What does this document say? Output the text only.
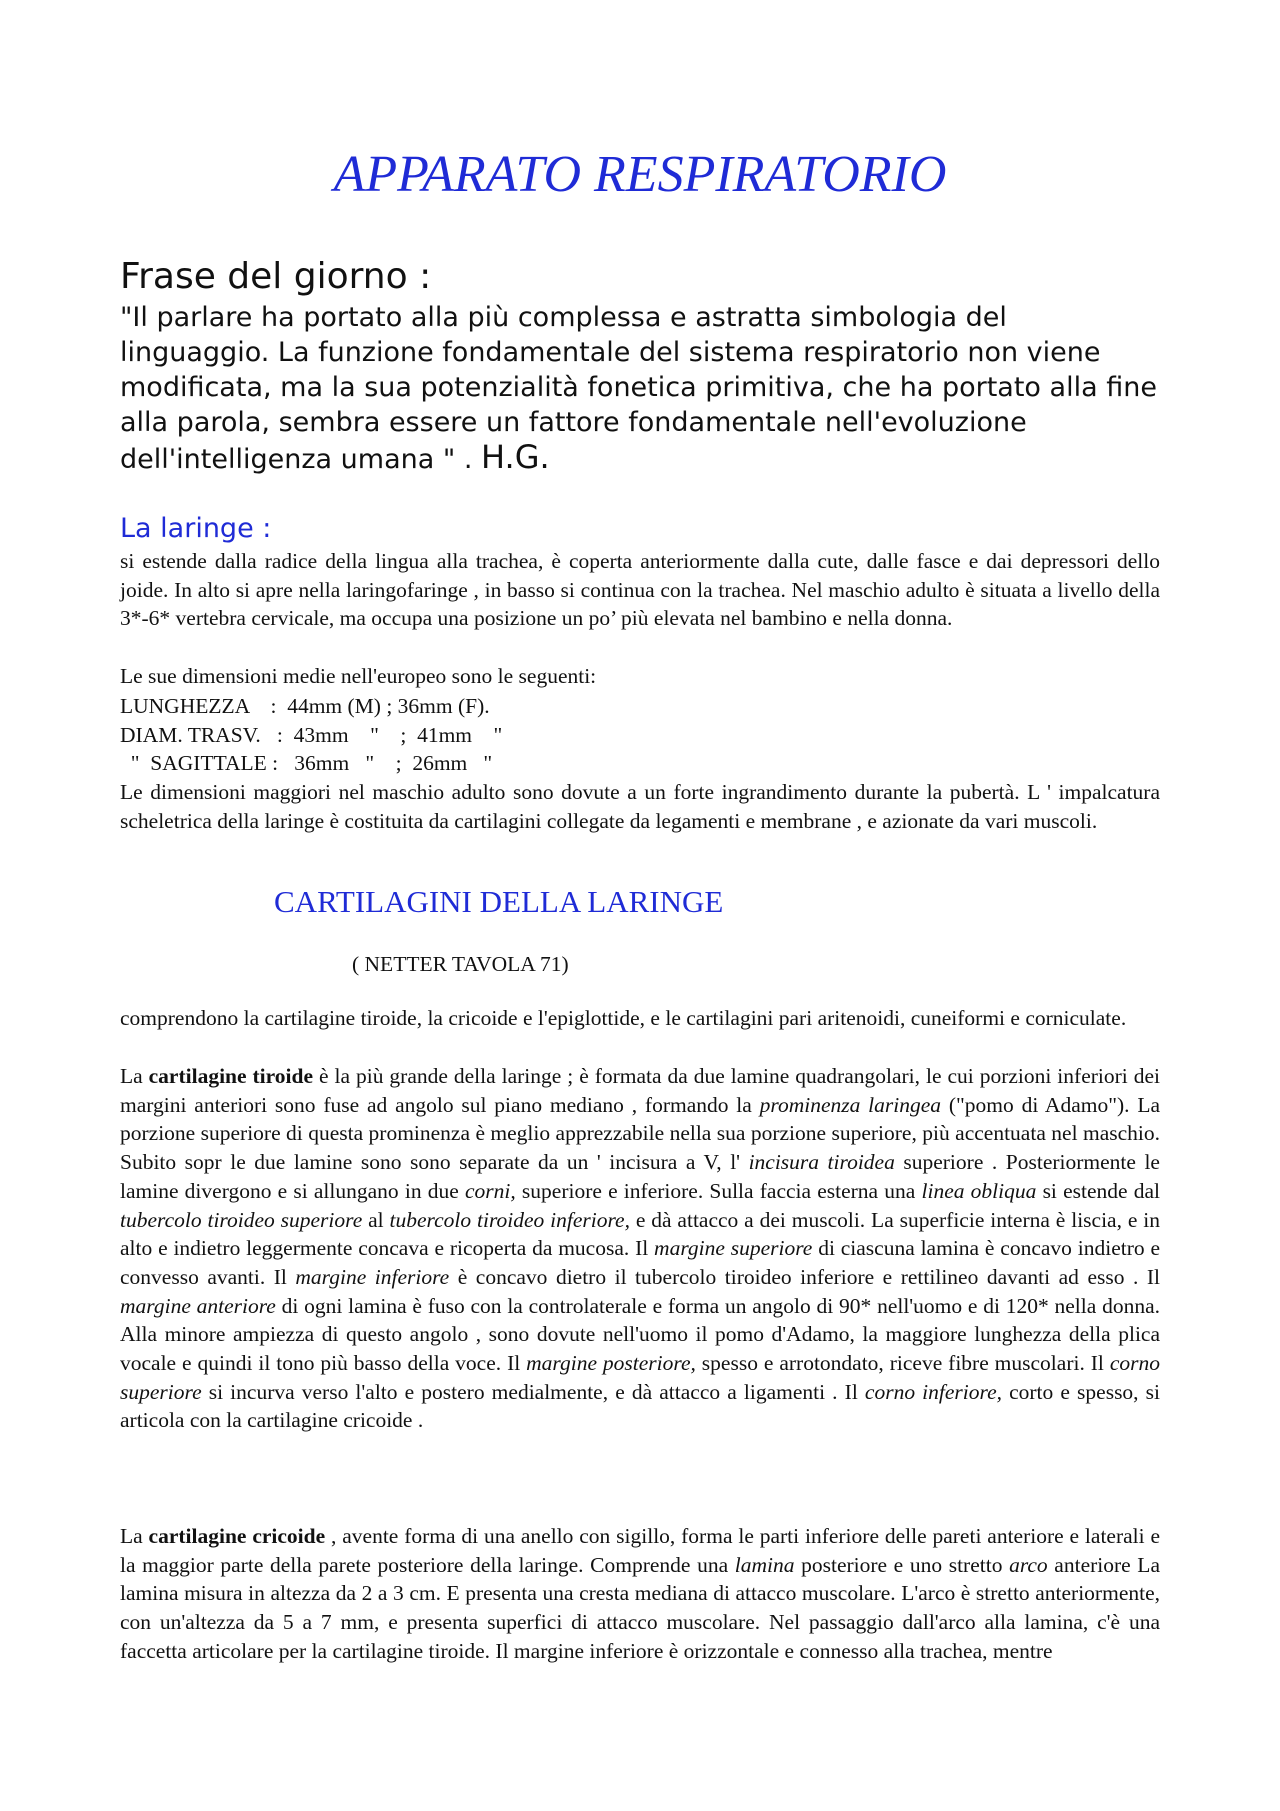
APPARATO RESPIRATORIO
Frase del giorno :

"Il parlare ha portato alla più complessa e astratta simbologia del linguaggio. La funzione fondamentale del sistema respiratorio non viene modificata, ma la sua potenzialità fonetica primitiva, che ha portato alla fine alla parola, sembra essere un fattore fondamentale nell'evoluzione dell'intelligenza umana " . H.G.

La laringe :

si estende dalla radice della lingua alla trachea, è coperta anteriormente dalla cute, dalle fasce e dai depressori dello joide. In alto si apre nella laringofaringe , in basso si continua con la trachea. Nel maschio adulto è situata a livello della 3*-6* vertebra cervicale, ma occupa una posizione un po’ più elevata nel bambino e nella donna.

Le sue dimensioni medie nell'europeo sono le seguenti:

LUNGHEZZA    :  44mm (M) ; 36mm (F).
DIAM. TRASV.   :  43mm    "    ;  41mm    "
"  SAGITTALE :   36mm   "    ;  26mm   "

Le dimensioni maggiori nel maschio adulto sono dovute a un forte ingrandimento durante la pubertà. L ' impalcatura scheletrica della laringe è costituita da cartilagini collegate da legamenti e membrane , e azionate da vari muscoli.

CARTILAGINI DELLA LARINGE

( NETTER TAVOLA 71)

comprendono la cartilagine tiroide, la cricoide e l'epiglottide, e le cartilagini pari aritenoidi, cuneiformi e corniculate.

La cartilagine tiroide è la più grande della laringe ; è formata da due lamine quadrangolari, le cui porzioni inferiori dei margini anteriori sono fuse ad angolo sul piano mediano , formando la prominenza laringea ("pomo di Adamo"). La porzione superiore di questa prominenza è meglio apprezzabile nella sua porzione superiore, più accentuata nel maschio. Subito sopr le due lamine sono sono separate da un ' incisura a V, l' incisura tiroidea superiore . Posteriormente le lamine divergono e si allungano in due corni, superiore e inferiore. Sulla faccia esterna una linea obliqua si estende dal tubercolo tiroideo superiore al tubercolo tiroideo inferiore, e dà attacco a dei muscoli. La superficie interna è liscia, e in alto e indietro leggermente concava e ricoperta da mucosa. Il margine superiore di ciascuna lamina è concavo indietro e convesso avanti. Il margine inferiore è concavo dietro il tubercolo tiroideo inferiore e rettilineo davanti ad esso . Il margine anteriore di ogni lamina è fuso con la controlaterale e forma un angolo di 90* nell'uomo e di 120* nella donna. Alla minore ampiezza di questo angolo , sono dovute nell'uomo il pomo d'Adamo, la maggiore lunghezza della plica vocale e quindi il tono più basso della voce. Il margine posteriore, spesso e arrotondato, riceve fibre muscolari. Il corno superiore si incurva verso l'alto e postero medialmente, e dà attacco a ligamenti . Il corno inferiore, corto e spesso, si articola con la cartilagine cricoide .

La cartilagine cricoide , avente forma di una anello con sigillo, forma le parti inferiore delle pareti anteriore e laterali e la maggior parte della parete posteriore della laringe. Comprende una lamina posteriore e uno stretto arco anteriore La lamina misura in altezza da 2 a 3 cm. E presenta una cresta mediana di attacco muscolare. L'arco è stretto anteriormente, con un'altezza da 5 a 7 mm, e presenta superfici di attacco muscolare. Nel passaggio dall'arco alla lamina, c'è una faccetta articolare per la cartilagine tiroide. Il margine inferiore è orizzontale e connesso alla trachea, mentre
